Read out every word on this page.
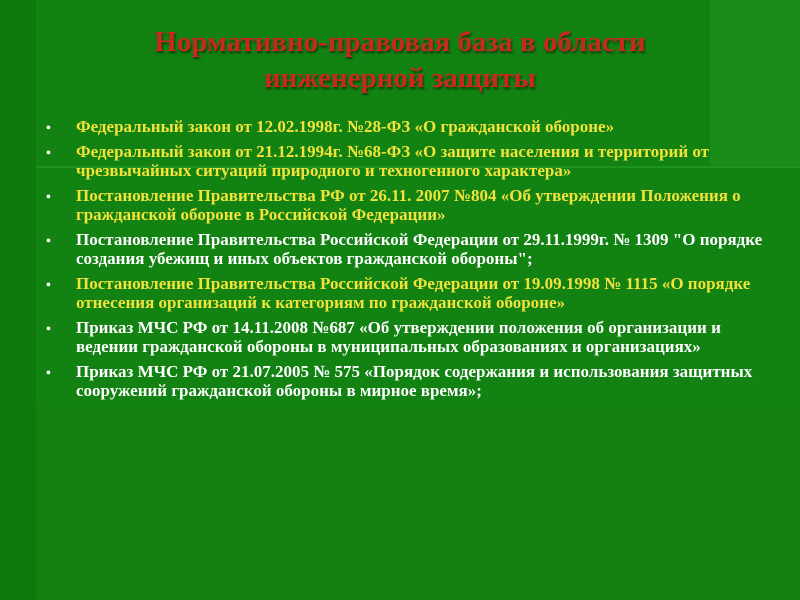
Нормативно-правовая база в области
инженерной защиты
• Федеральный закон от 12.02.1998г. №28-ФЗ «О гражданской обороне»
• Федеральный закон от 21.12.1994г. №68-ФЗ «О защите населения и территорий от чрезвычайных ситуаций природного и техногенного характера»
• Постановление Правительства РФ от 26.11. 2007 №804 «Об утверждении Положения о гражданской обороне в Российской Федерации»
• Постановление Правительства Российской Федерации от 29.11.1999г. № 1309 "О порядке создания убежищ и иных объектов гражданской обороны";
• Постановление Правительства Российской Федерации от 19.09.1998 № 1115 «О порядке отнесения организаций к категориям по гражданской обороне»
• Приказ МЧС РФ от 14.11.2008 №687 «Об утверждении положения об организации и ведении гражданской обороны в муниципальных образованиях и организациях»
• Приказ МЧС РФ от 21.07.2005 № 575 «Порядок содержания и использования защитных сооружений гражданской обороны в мирное время»;
